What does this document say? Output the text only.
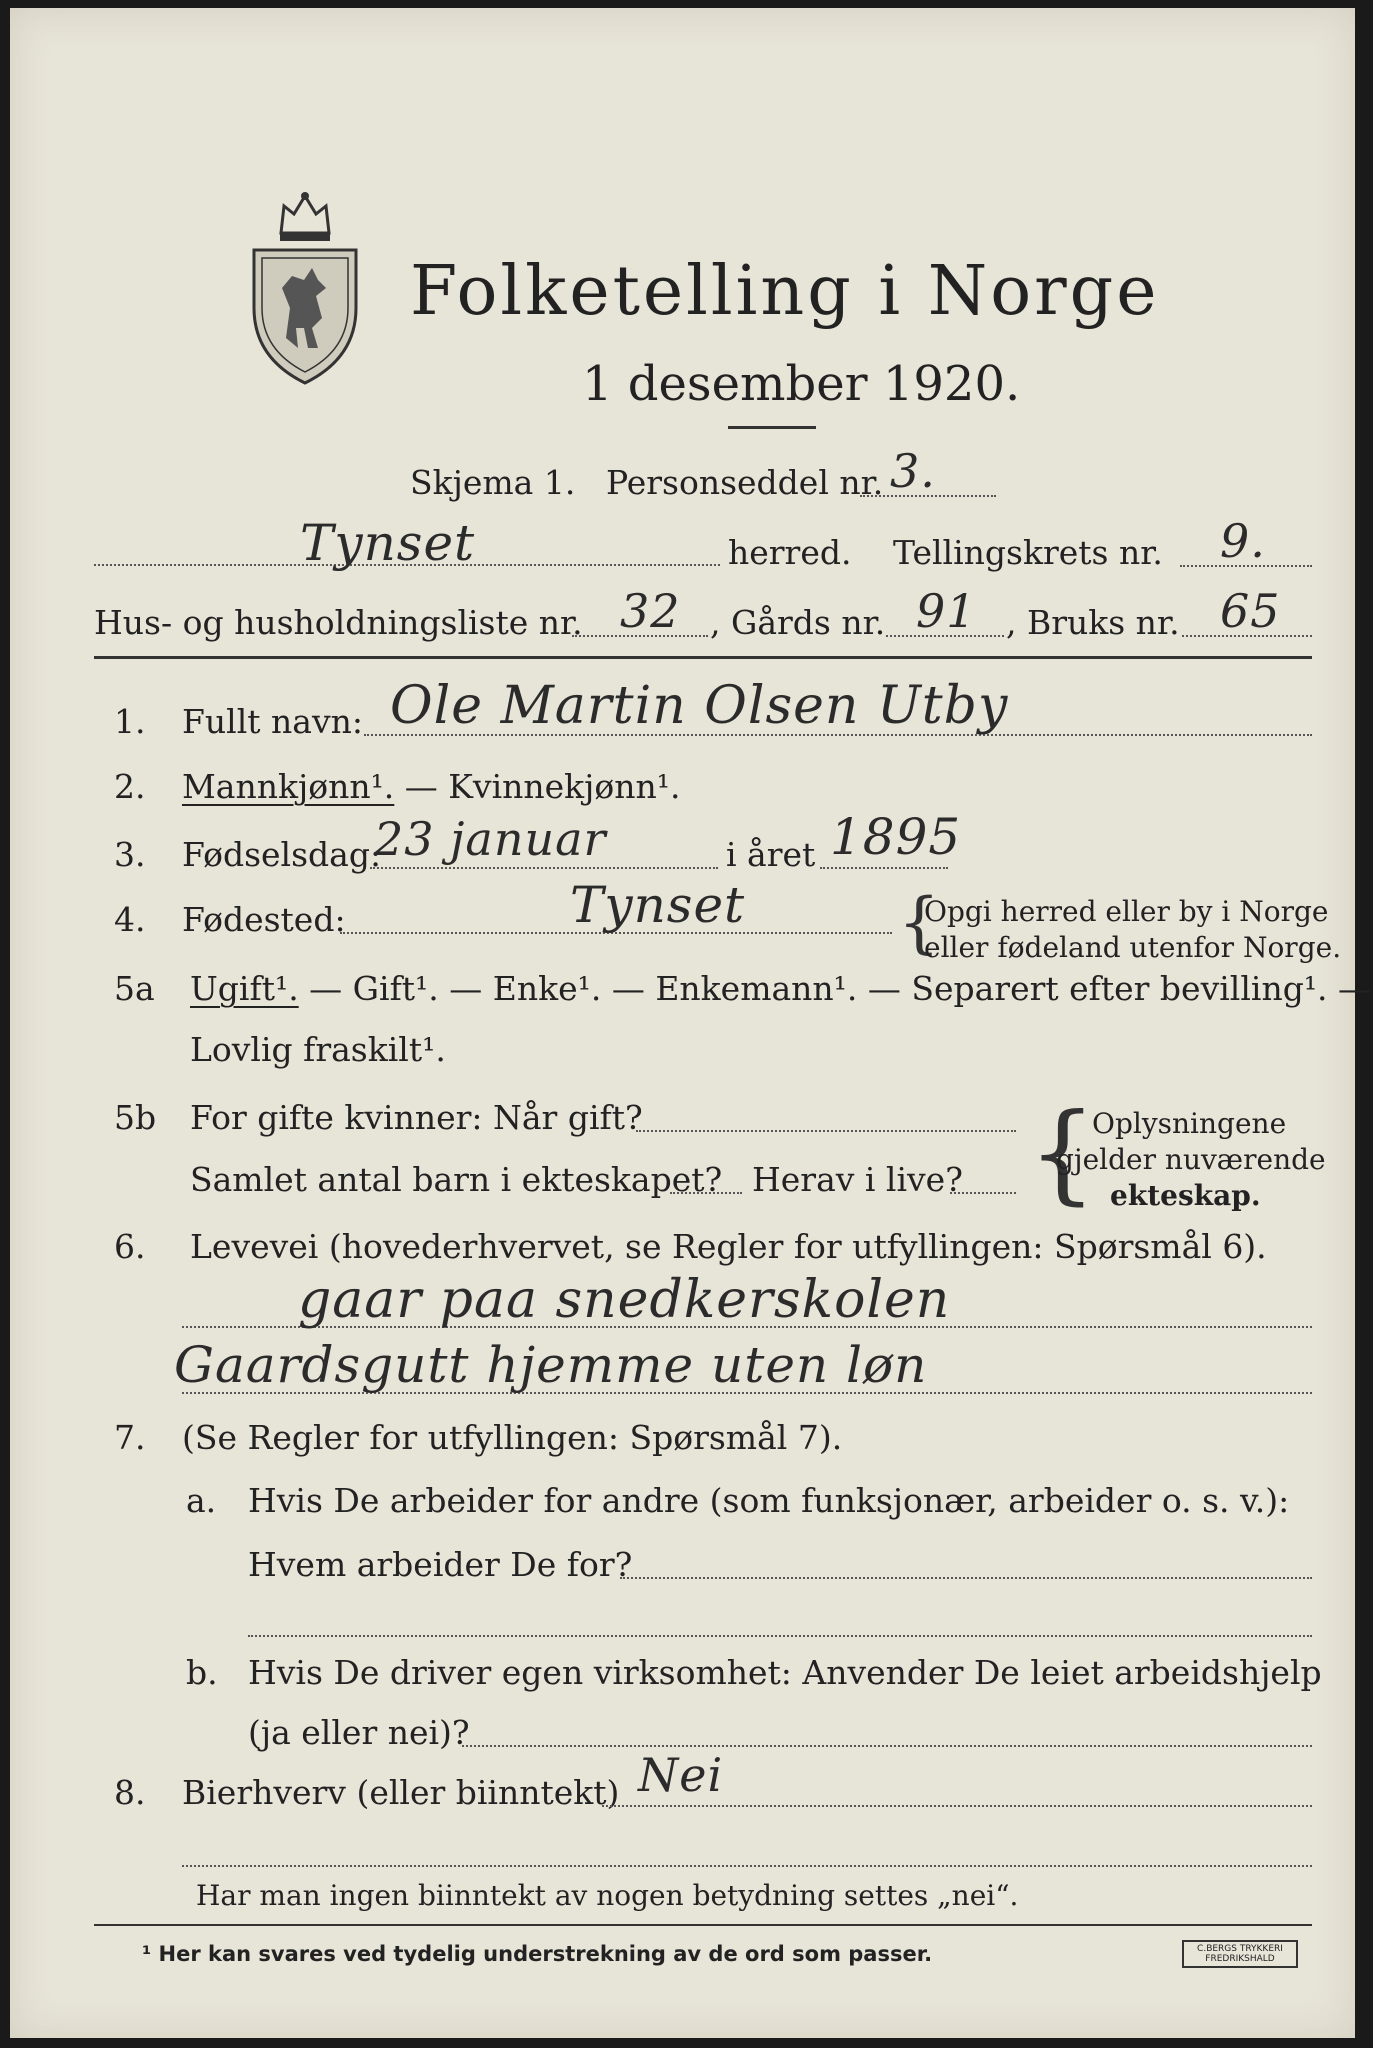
Folketelling i Norge
1 desember 1920.
Skjema 1. Personseddel nr. 3.
Tynset	herred. Tellingskrets nr. 9.
Hus- og husholdningsliste nr. 32 , Gårds nr. 91 , Bruks nr. 65
1. Fullt navn: Ole Martin Olsen Utby
2. Mannkjønn¹. — Kvinnekjønn¹.
3. Fødselsdag:
23 januar	i året 1895
4. Fødested:	Tynset {
Opgi herred eller by i Norge
eller fødeland utenfor Norge.
5a Ugift¹. — Gift¹. — Enke¹. — Enkemann¹. — Separert efter bevilling¹. —
Lovlig fraskilt¹.
5b For gifte kvinner: Når gift?
Samlet antal barn i ekteskapet? Herav i live? {
Oplysningene
gjelder nuværende
ekteskap.
6. Levevei (hovederhvervet, se Regler for utfyllingen: Spørsmål 6).
gaar paa snedkerskolen
Gaardsgutt hjemme uten løn
7. (Se Regler for utfyllingen: Spørsmål 7).
a. Hvis De arbeider for andre (som funksjonær, arbeider o. s. v.):
Hvem arbeider De for?
b. Hvis De driver egen virksomhet: Anvender De leiet arbeidshjelp
(ja eller nei)?
8. Bierhverv (eller biinntekt) Nei
Har man ingen biinntekt av nogen betydning settes „nei“.
¹ Her kan svares ved tydelig understrekning av de ord som passer.	C.BERGS TRYKKERI FREDRIKSHALD
